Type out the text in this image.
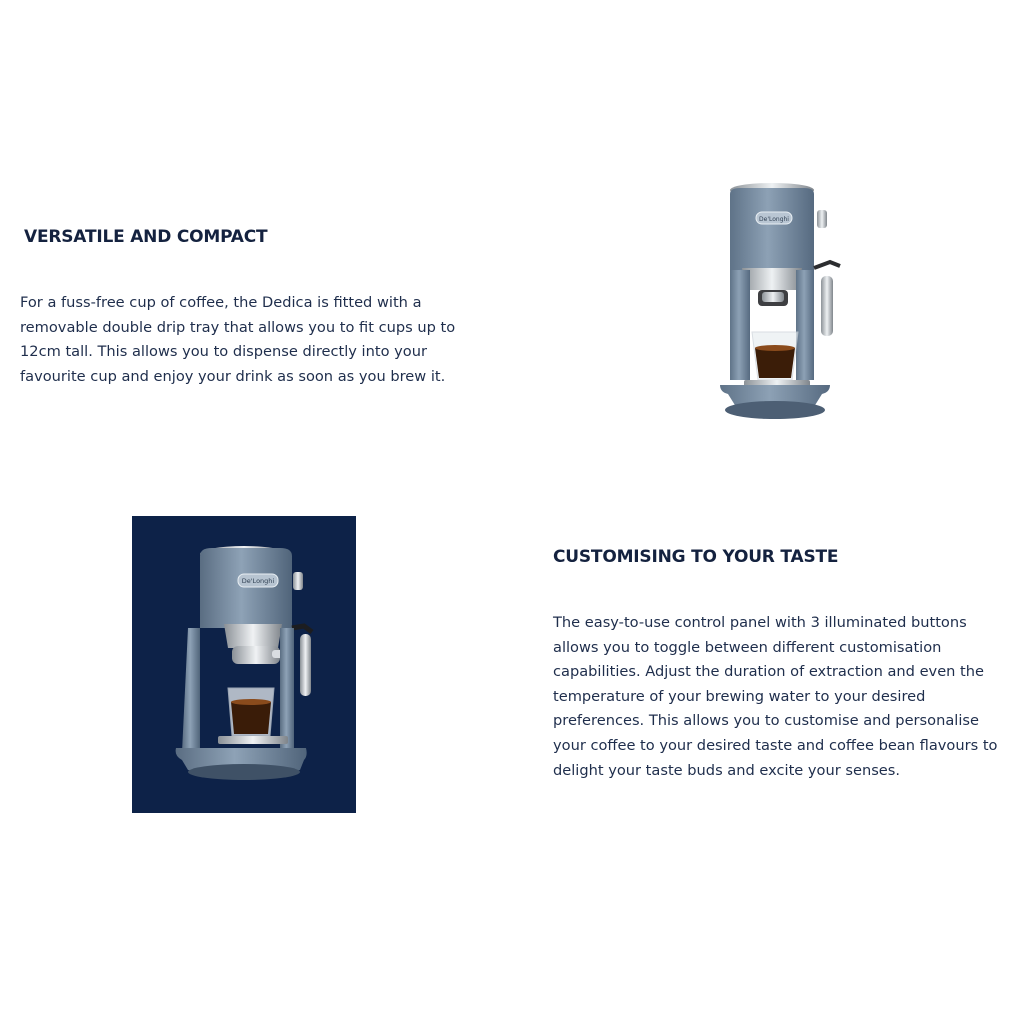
VERSATILE AND COMPACT

For a fuss-free cup of coffee, the Dedica is fitted with a removable double drip tray that allows you to fit cups up to 12cm tall. This allows you to dispense directly into your favourite cup and enjoy your drink as soon as you brew it.

De'Longhi
De'Longhi
CUSTOMISING TO YOUR TASTE

The easy-to-use control panel with 3 illuminated buttons allows you to toggle between different customisation capabilities. Adjust the duration of extraction and even the temperature of your brewing water to your desired preferences. This allows you to customise and personalise your coffee to your desired taste and coffee bean flavours to delight your taste buds and excite your senses.
